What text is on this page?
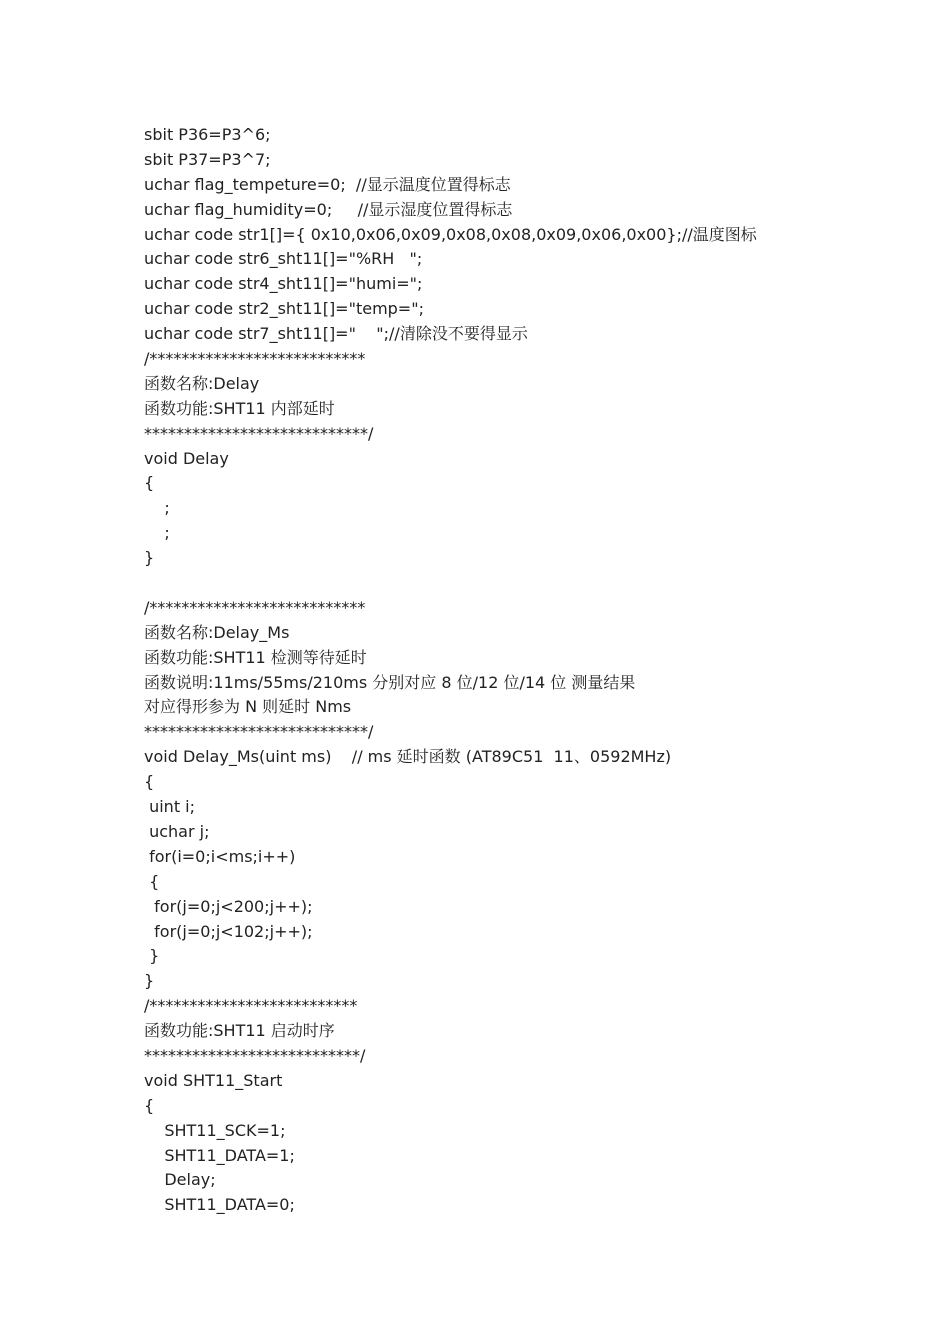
sbit P36=P3^6;
sbit P37=P3^7;
uchar flag_tempeture=0;  //显示温度位置得标志
uchar flag_humidity=0;     //显示湿度位置得标志
uchar code str1[]={ 0x10,0x06,0x09,0x08,0x08,0x09,0x06,0x00};//温度图标
uchar code str6_sht11[]="%RH   ";
uchar code str4_sht11[]="humi=";
uchar code str2_sht11[]="temp=";
uchar code str7_sht11[]="    ";//清除没不要得显示
/***************************
函数名称:Delay
函数功能:SHT11 内部延时
****************************/
void Delay
{
;
;
}
/***************************
函数名称:Delay_Ms
函数功能:SHT11 检测等待延时
函数说明:11ms/55ms/210ms 分别对应 8 位/12 位/14 位 测量结果
对应得形参为 N 则延时 Nms
****************************/
void Delay_Ms(uint ms)    // ms 延时函数 (AT89C51  11、0592MHz)
{
uint i;
uchar j;
for(i=0;i<ms;i++)
{
for(j=0;j<200;j++);
for(j=0;j<102;j++);
}
}
/**************************
函数功能:SHT11 启动时序
***************************/
void SHT11_Start
{
SHT11_SCK=1;
SHT11_DATA=1;
Delay;
SHT11_DATA=0;
